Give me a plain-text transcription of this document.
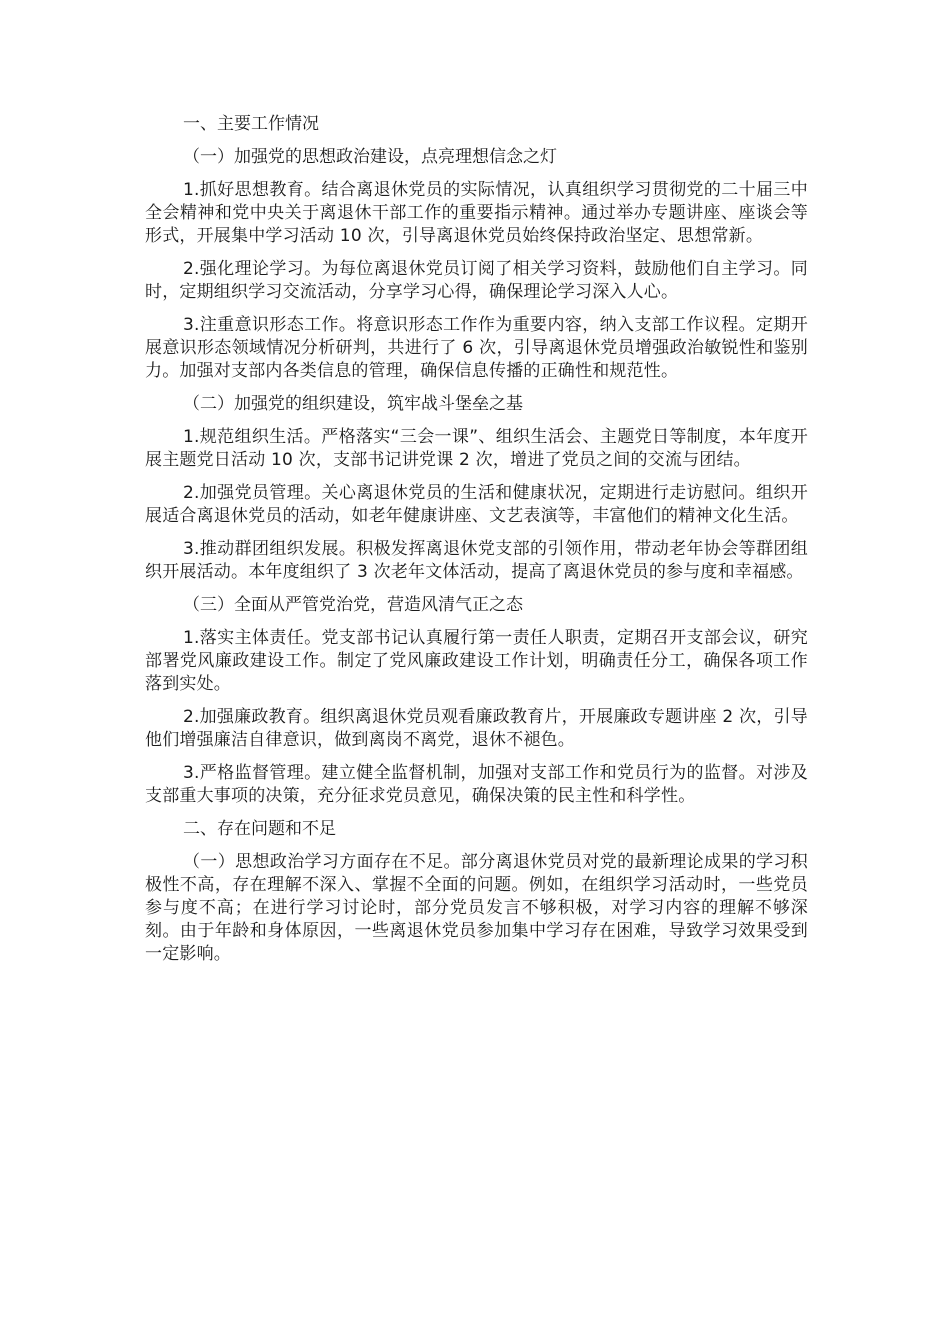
一、主要工作情况

（一）加强党的思想政治建设，点亮理想信念之灯

1.抓好思想教育。结合离退休党员的实际情况，认真组织学习贯彻党的二十届三中全会精神和党中央关于离退休干部工作的重要指示精神。通过举办专题讲座、座谈会等形式，开展集中学习活动 10 次，引导离退休党员始终保持政治坚定、思想常新。

2.强化理论学习。为每位离退休党员订阅了相关学习资料，鼓励他们自主学习。同时，定期组织学习交流活动，分享学习心得，确保理论学习深入人心。

3.注重意识形态工作。将意识形态工作作为重要内容，纳入支部工作议程。定期开展意识形态领域情况分析研判，共进行了 6 次，引导离退休党员增强政治敏锐性和鉴别力。加强对支部内各类信息的管理，确保信息传播的正确性和规范性。

（二）加强党的组织建设，筑牢战斗堡垒之基

1.规范组织生活。严格落实“三会一课”、组织生活会、主题党日等制度，本年度开展主题党日活动 10 次，支部书记讲党课 2 次，增进了党员之间的交流与团结。

2.加强党员管理。关心离退休党员的生活和健康状况，定期进行走访慰问。组织开展适合离退休党员的活动，如老年健康讲座、文艺表演等，丰富他们的精神文化生活。

3.推动群团组织发展。积极发挥离退休党支部的引领作用，带动老年协会等群团组织开展活动。本年度组织了 3 次老年文体活动，提高了离退休党员的参与度和幸福感。

（三）全面从严管党治党，营造风清气正之态

1.落实主体责任。党支部书记认真履行第一责任人职责，定期召开支部会议，研究部署党风廉政建设工作。制定了党风廉政建设工作计划，明确责任分工，确保各项工作落到实处。

2.加强廉政教育。组织离退休党员观看廉政教育片，开展廉政专题讲座 2 次，引导他们增强廉洁自律意识，做到离岗不离党，退休不褪色。

3.严格监督管理。建立健全监督机制，加强对支部工作和党员行为的监督。对涉及支部重大事项的决策，充分征求党员意见，确保决策的民主性和科学性。

二、存在问题和不足

（一）思想政治学习方面存在不足。部分离退休党员对党的最新理论成果的学习积极性不高，存在理解不深入、掌握不全面的问题。例如，在组织学习活动时，一些党员参与度不高；在进行学习讨论时，部分党员发言不够积极，对学习内容的理解不够深刻。由于年龄和身体原因，一些离退休党员参加集中学习存在困难，导致学习效果受到一定影响。
